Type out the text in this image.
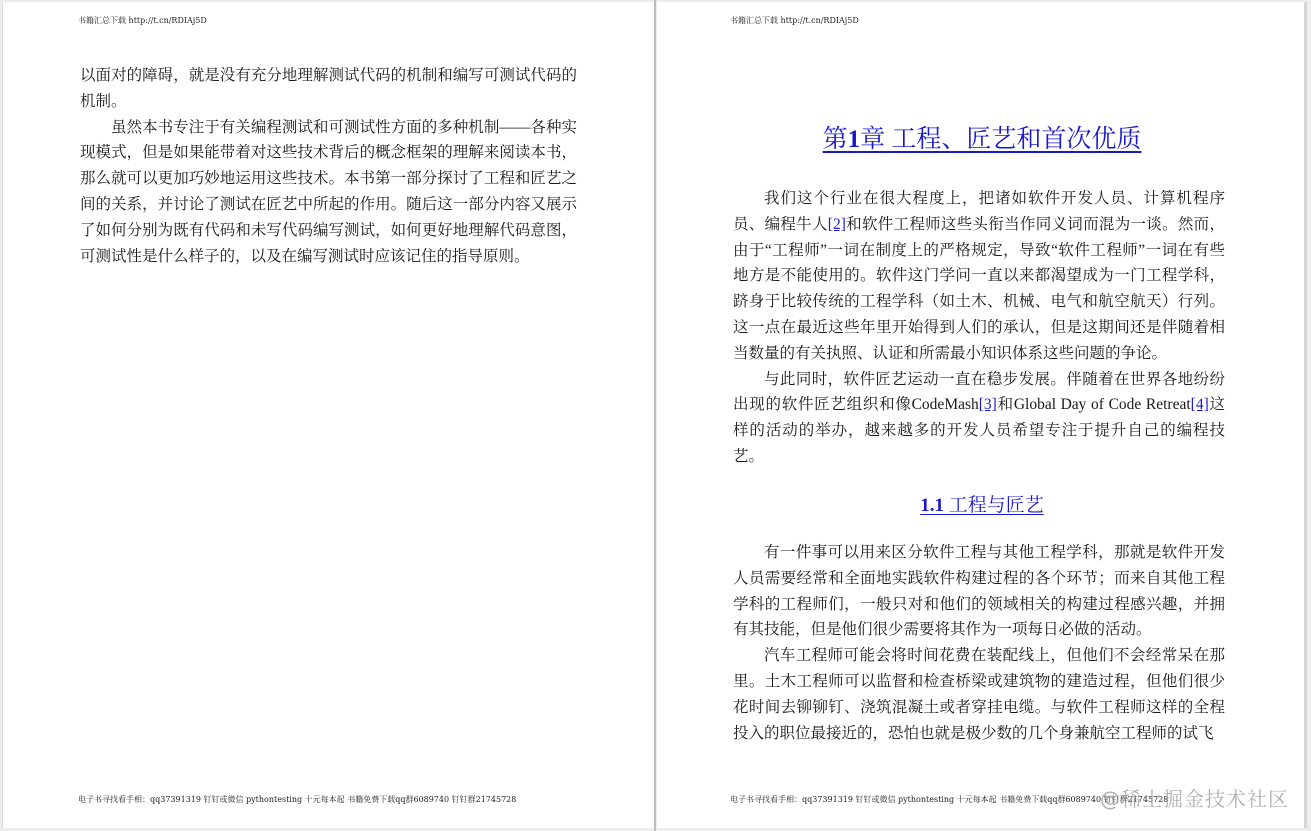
书籍汇总下载 http://t.cn/RDIAj5D

以面对的障碍，就是没有充分地理解测试代码的机制和编写可测试代码的机制。

虽然本书专注于有关编程测试和可测试性方面的多种机制——各种实现模式，但是如果能带着对这些技术背后的概念框架的理解来阅读本书，那么就可以更加巧妙地运用这些技术。本书第一部分探讨了工程和匠艺之间的关系，并讨论了测试在匠艺中所起的作用。随后这一部分内容又展示了如何分别为既有代码和未写代码编写测试，如何更好地理解代码意图，可测试性是什么样子的，以及在编写测试时应该记住的指导原则。

电子书寻找看手相：qq37391319 钉钉或微信 pythontesting 十元每本起 书籍免费下载qq群6089740 钉钉群21745728
书籍汇总下载 http://t.cn/RDIAj5D
第1章 工程、匠艺和首次优质

我们这个行业在很大程度上，把诸如软件开发人员、计算机程序员、编程牛人[2]和软件工程师这些头衔当作同义词而混为一谈。然而，由于“工程师”一词在制度上的严格规定，导致“软件工程师”一词在有些地方是不能使用的。软件这门学问一直以来都渴望成为一门工程学科，跻身于比较传统的工程学科（如土木、机械、电气和航空航天）行列。这一点在最近这些年里开始得到人们的承认，但是这期间还是伴随着相当数量的有关执照、认证和所需最小知识体系这些问题的争论。

与此同时，软件匠艺运动一直在稳步发展。伴随着在世界各地纷纷出现的软件匠艺组织和像CodeMash[3]和Global Day of Code Retreat[4]这样的活动的举办，越来越多的开发人员希望专注于提升自己的编程技艺。

1.1 工程与匠艺

有一件事可以用来区分软件工程与其他工程学科，那就是软件开发人员需要经常和全面地实践软件构建过程的各个环节；而来自其他工程学科的工程师们，一般只对和他们的领域相关的构建过程感兴趣，并拥有其技能，但是他们很少需要将其作为一项每日必做的活动。

汽车工程师可能会将时间花费在装配线上，但他们不会经常呆在那里。土木工程师可以监督和检查桥梁或建筑物的建造过程，但他们很少花时间去铆铆钉、浇筑混凝土或者穿挂电缆。与软件工程师这样的全程投入的职位最接近的，恐怕也就是极少数的几个身兼航空工程师的试飞

电子书寻找看手相：qq37391319 钉钉或微信 pythontesting 十元每本起 书籍免费下载qq群6089740 钉钉群21745728
@稀土掘金技术社区
